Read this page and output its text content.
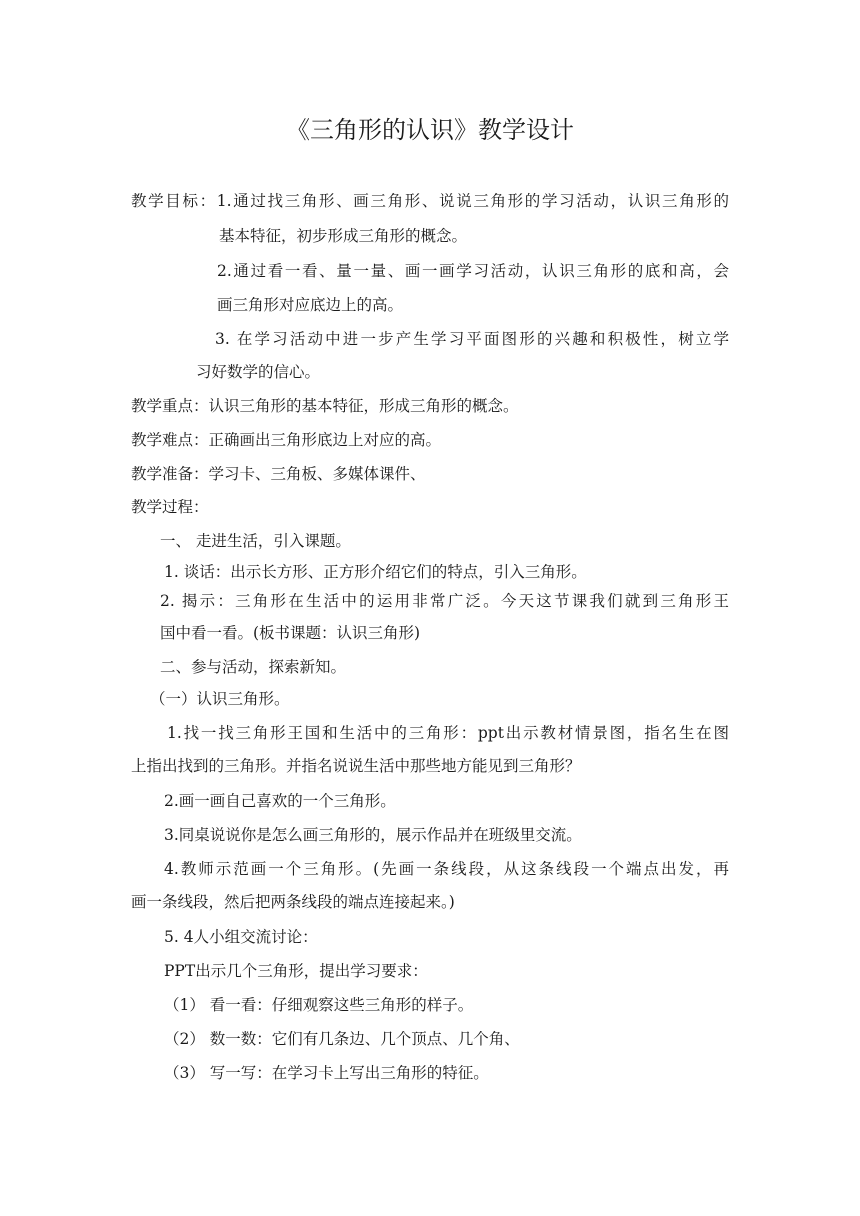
《三角形的认识》教学设计
教学目标：1.通过找三角形、画三角形、说说三角形的学习活动，认识三角形的
基本特征，初步形成三角形的概念。
2.通过看一看、量一量、画一画学习活动，认识三角形的底和高，会
画三角形对应底边上的高。
3. 在学习活动中进一步产生学习平面图形的兴趣和积极性，树立学
习好数学的信心。
教学重点：认识三角形的基本特征，形成三角形的概念。
教学难点：正确画出三角形底边上对应的高。
教学准备：学习卡、三角板、多媒体课件、
教学过程：
一、 走进生活，引入课题。
1. 谈话：出示长方形、正方形介绍它们的特点，引入三角形。
2. 揭示：三角形在生活中的运用非常广泛。今天这节课我们就到三角形王
国中看一看。(板书课题：认识三角形)
二、参与活动，探索新知。
（一）认识三角形。
1.找一找三角形王国和生活中的三角形：ppt出示教材情景图，指名生在图
上指出找到的三角形。并指名说说生活中那些地方能见到三角形？
2.画一画自己喜欢的一个三角形。
3.同桌说说你是怎么画三角形的，展示作品并在班级里交流。
4.教师示范画一个三角形。(先画一条线段，从这条线段一个端点出发，再
画一条线段，然后把两条线段的端点连接起来。)
5. 4人小组交流讨论：
PPT出示几个三角形，提出学习要求：
（1） 看一看：仔细观察这些三角形的样子。
（2） 数一数：它们有几条边、几个顶点、几个角、
（3） 写一写：在学习卡上写出三角形的特征。
